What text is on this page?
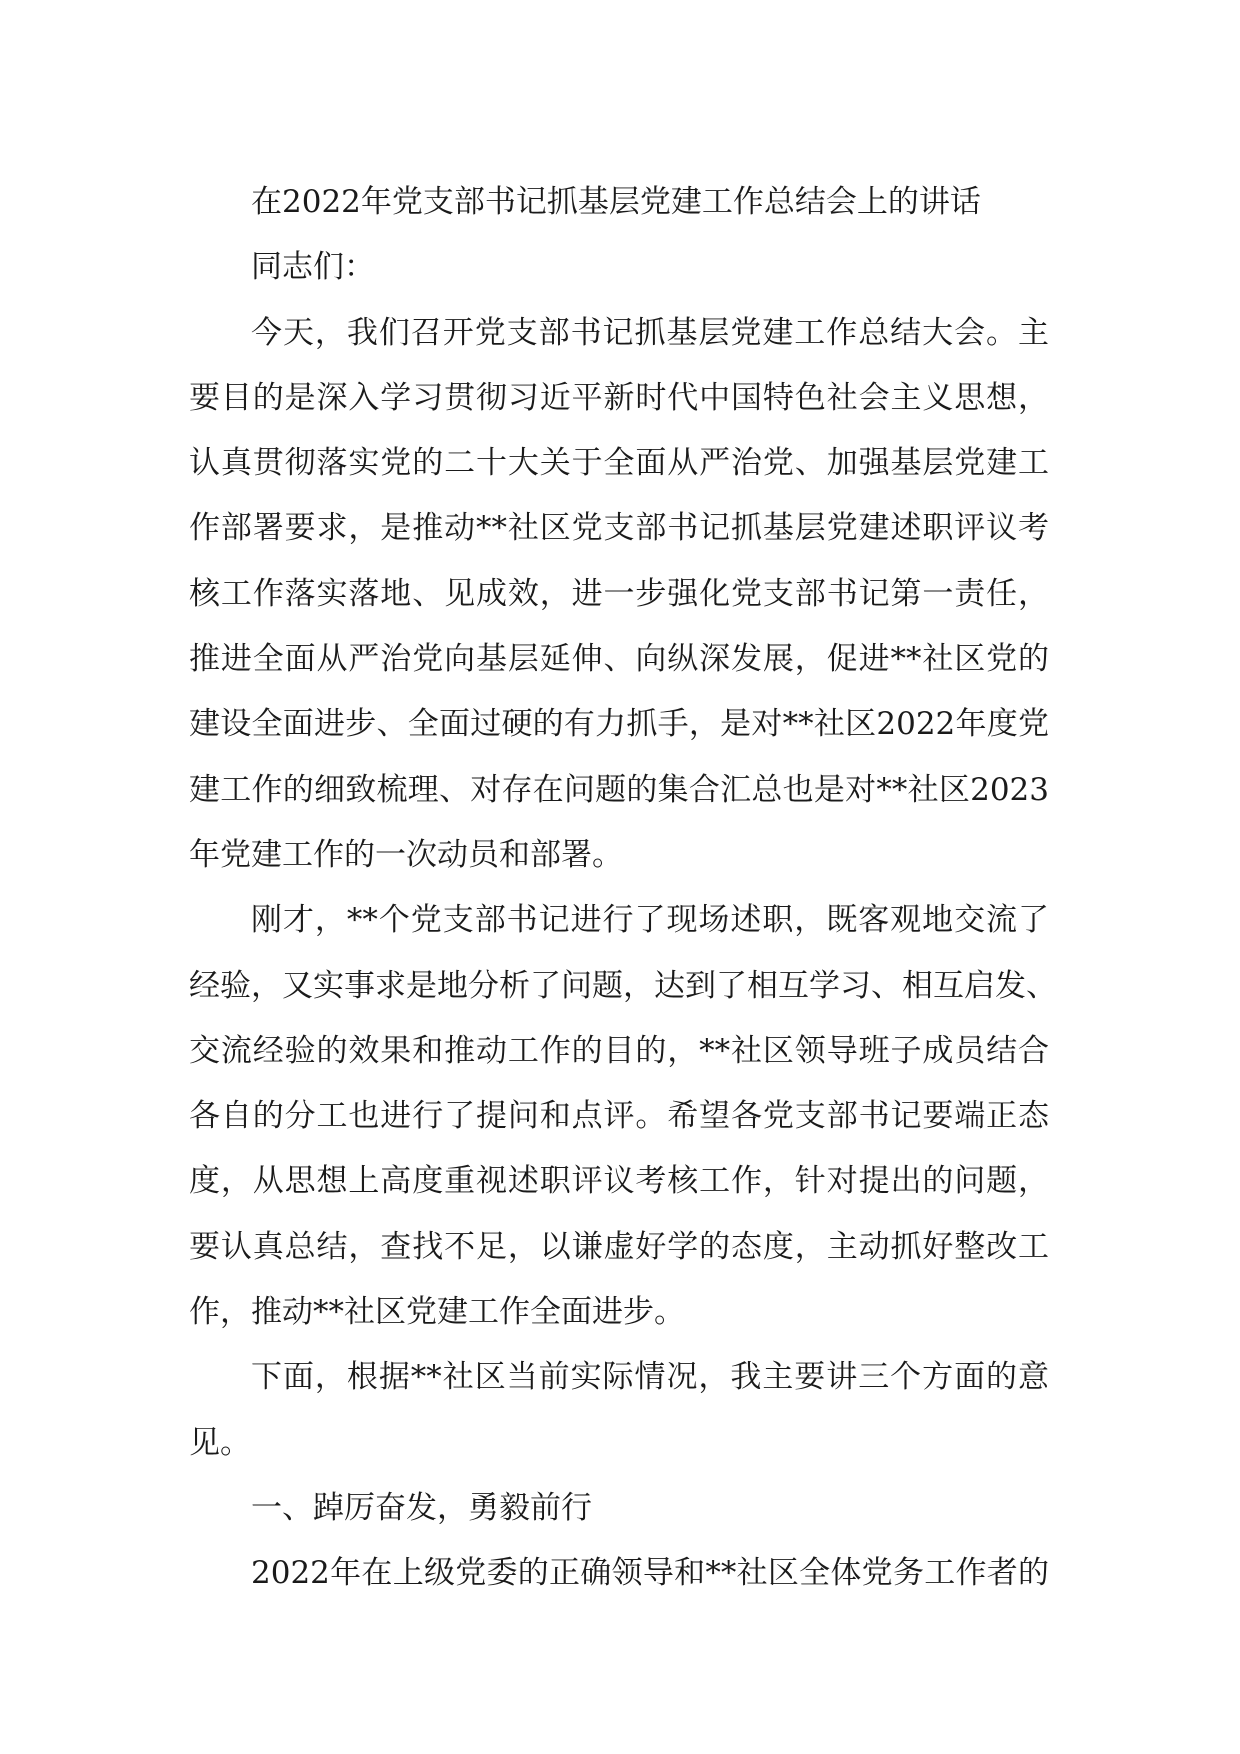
在2022年党支部书记抓基层党建工作总结会上的讲话
同志们：
今天，我们召开党支部书记抓基层党建工作总结大会。主
要目的是深入学习贯彻习近平新时代中国特色社会主义思想，
认真贯彻落实党的二十大关于全面从严治党、加强基层党建工
作部署要求，是推动**社区党支部书记抓基层党建述职评议考
核工作落实落地、见成效，进一步强化党支部书记第一责任，
推进全面从严治党向基层延伸、向纵深发展，促进**社区党的
建设全面进步、全面过硬的有力抓手，是对**社区2022年度党
建工作的细致梳理、对存在问题的集合汇总也是对**社区2023
年党建工作的一次动员和部署。
刚才，**个党支部书记进行了现场述职，既客观地交流了
经验，又实事求是地分析了问题，达到了相互学习、相互启发、
交流经验的效果和推动工作的目的，**社区领导班子成员结合
各自的分工也进行了提问和点评。希望各党支部书记要端正态
度，从思想上高度重视述职评议考核工作，针对提出的问题，
要认真总结，查找不足，以谦虚好学的态度，主动抓好整改工
作，推动**社区党建工作全面进步。
下面，根据**社区当前实际情况，我主要讲三个方面的意
见。
一、踔厉奋发，勇毅前行
2022年在上级党委的正确领导和**社区全体党务工作者的
